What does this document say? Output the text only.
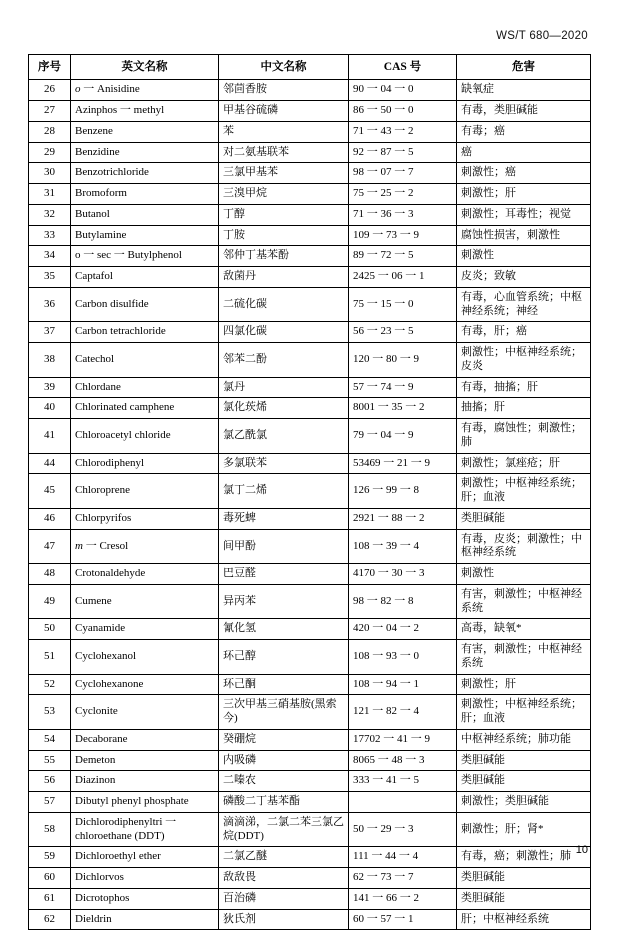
WS/T 680—2020
序号	英文名称	中文名称	CAS 号	危害
26	o 一 Anisidine	邻茴香胺	90 一 04 一 0	缺氧症
27	Azinphos 一 methyl	甲基谷硫磷	86 一 50 一 0	有毒，类胆碱能
28	Benzene	苯	71 一 43 一 2	有毒；癌
29	Benzidine	对二氨基联苯	92 一 87 一 5	癌
30	Benzotrichloride	三氯甲基苯	98 一 07 一 7	刺激性；癌
31	Bromoform	三溴甲烷	75 一 25 一 2	刺激性；肝
32	Butanol	丁醇	71 一 36 一 3	刺激性；耳毒性；视觉
33	Butylamine	丁胺	109 一 73 一 9	腐蚀性损害，刺激性
34	o 一 sec 一 Butylphenol	邻仲丁基苯酚	89 一 72 一 5	刺激性
35	Captafol	敌菌丹	2425 一 06 一 1	皮炎；致敏
36	Carbon disulfide	二硫化碳	75 一 15 一 0	有毒，心血管系统；中枢神经系统；神经
37	Carbon tetrachloride	四氯化碳	56 一 23 一 5	有毒，肝；癌
38	Catechol	邻苯二酚	120 一 80 一 9	刺激性；中枢神经系统；皮炎
39	Chlordane	氯丹	57 一 74 一 9	有毒，抽搐；肝
40	Chlorinated camphene	氯化莰烯	8001 一 35 一 2	抽搐；肝
41	Chloroacetyl chloride	氯乙酰氯	79 一 04 一 9	有毒，腐蚀性；刺激性；肺
44	Chlorodiphenyl	多氯联苯	53469 一 21 一 9	刺激性；氯痤疮；肝
45	Chloroprene	氯丁二烯	126 一 99 一 8	刺激性；中枢神经系统；肝；血液
46	Chlorpyrifos	毒死蜱	2921 一 88 一 2	类胆碱能
47	m 一 Cresol	间甲酚	108 一 39 一 4	有毒，皮炎；刺激性；中枢神经系统
48	Crotonaldehyde	巴豆醛	4170 一 30 一 3	刺激性
49	Cumene	异丙苯	98 一 82 一 8	有害，刺激性；中枢神经系统
50	Cyanamide	氰化氢	420 一 04 一 2	高毒，缺氧*
51	Cyclohexanol	环己醇	108 一 93 一 0	有害，刺激性；中枢神经系统
52	Cyclohexanone	环己酮	108 一 94 一 1	刺激性；肝
53	Cyclonite	三次甲基三硝基胺(黑索今)	121 一 82 一 4	刺激性；中枢神经系统；肝；血液
54	Decaborane	癸硼烷	17702 一 41 一 9	中枢神经系统；肺功能
55	Demeton	内吸磷	8065 一 48 一 3	类胆碱能
56	Diazinon	二嗪农	333 一 41 一 5	类胆碱能
57	Dibutyl phenyl phosphate	磷酸二丁基苯酯		刺激性；类胆碱能
58	Dichlorodiphenyltri 一 chloroethane (DDT)	滴滴涕，二氯二苯三氯乙烷(DDT)	50 一 29 一 3	刺激性；肝；肾*
59	Dichloroethyl ether	二氯乙醚	111 一 44 一 4	有毒，癌；刺激性；肺
60	Dichlorvos	敌敌畏	62 一 73 一 7	类胆碱能
61	Dicrotophos	百治磷	141 一 66 一 2	类胆碱能
62	Dieldrin	狄氏剂	60 一 57 一 1	肝；中枢神经系统
10
